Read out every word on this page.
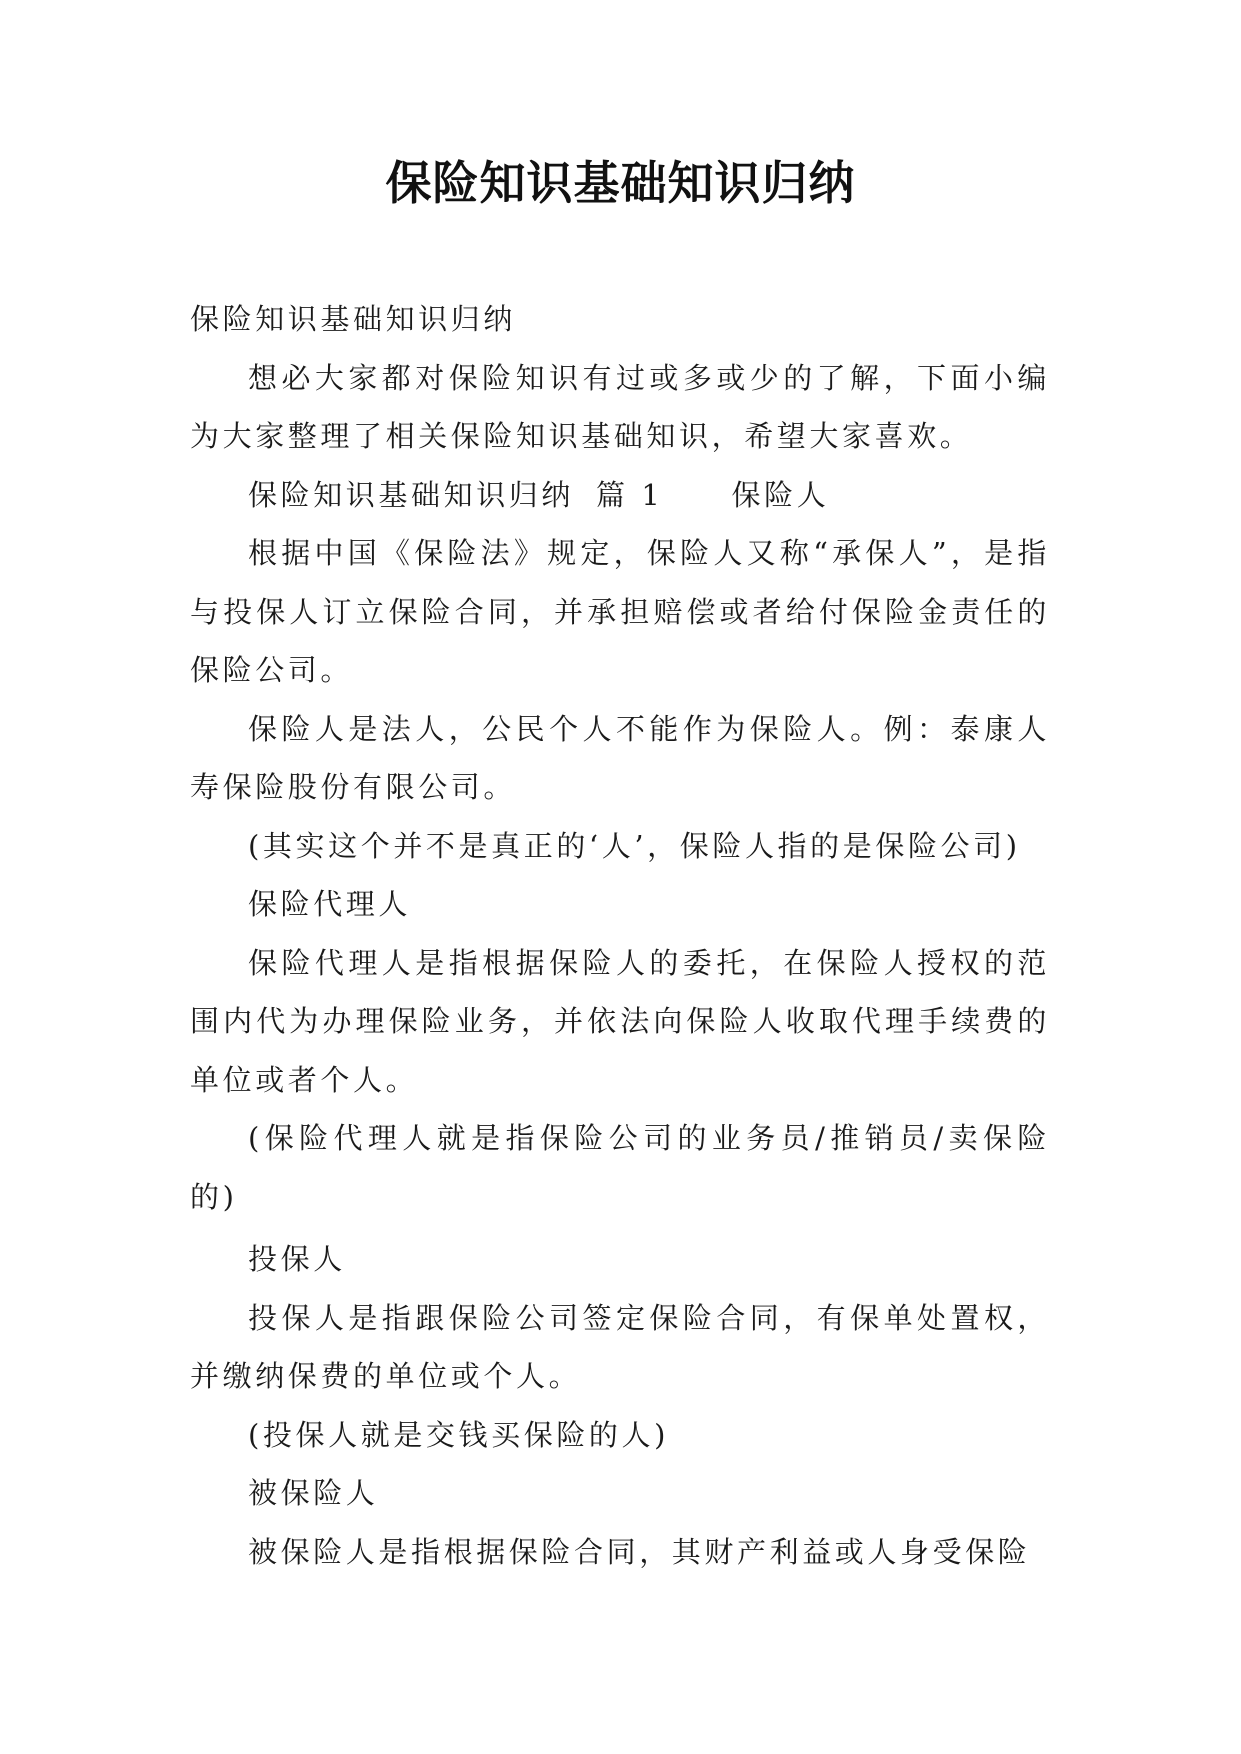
保险知识基础知识归纳

保险知识基础知识归纳

想必大家都对保险知识有过或多或少的了解，下面小编为大家整理了相关保险知识基础知识，希望大家喜欢。

保险知识基础知识归纳 篇 1 保险人

根据中国《保险法》规定，保险人又称“承保人”，是指与投保人订立保险合同，并承担赔偿或者给付保险金责任的保险公司。

保险人是法人，公民个人不能作为保险人。例：泰康人寿保险股份有限公司。

(其实这个并不是真正的‘人’，保险人指的是保险公司)

保险代理人

保险代理人是指根据保险人的委托，在保险人授权的范围内代为办理保险业务，并依法向保险人收取代理手续费的单位或者个人。

(保险代理人就是指保险公司的业务员/推销员/卖保险的)

投保人

投保人是指跟保险公司签定保险合同，有保单处置权，并缴纳保费的单位或个人。

(投保人就是交钱买保险的人)

被保险人

被保险人是指根据保险合同，其财产利益或人身受保险
